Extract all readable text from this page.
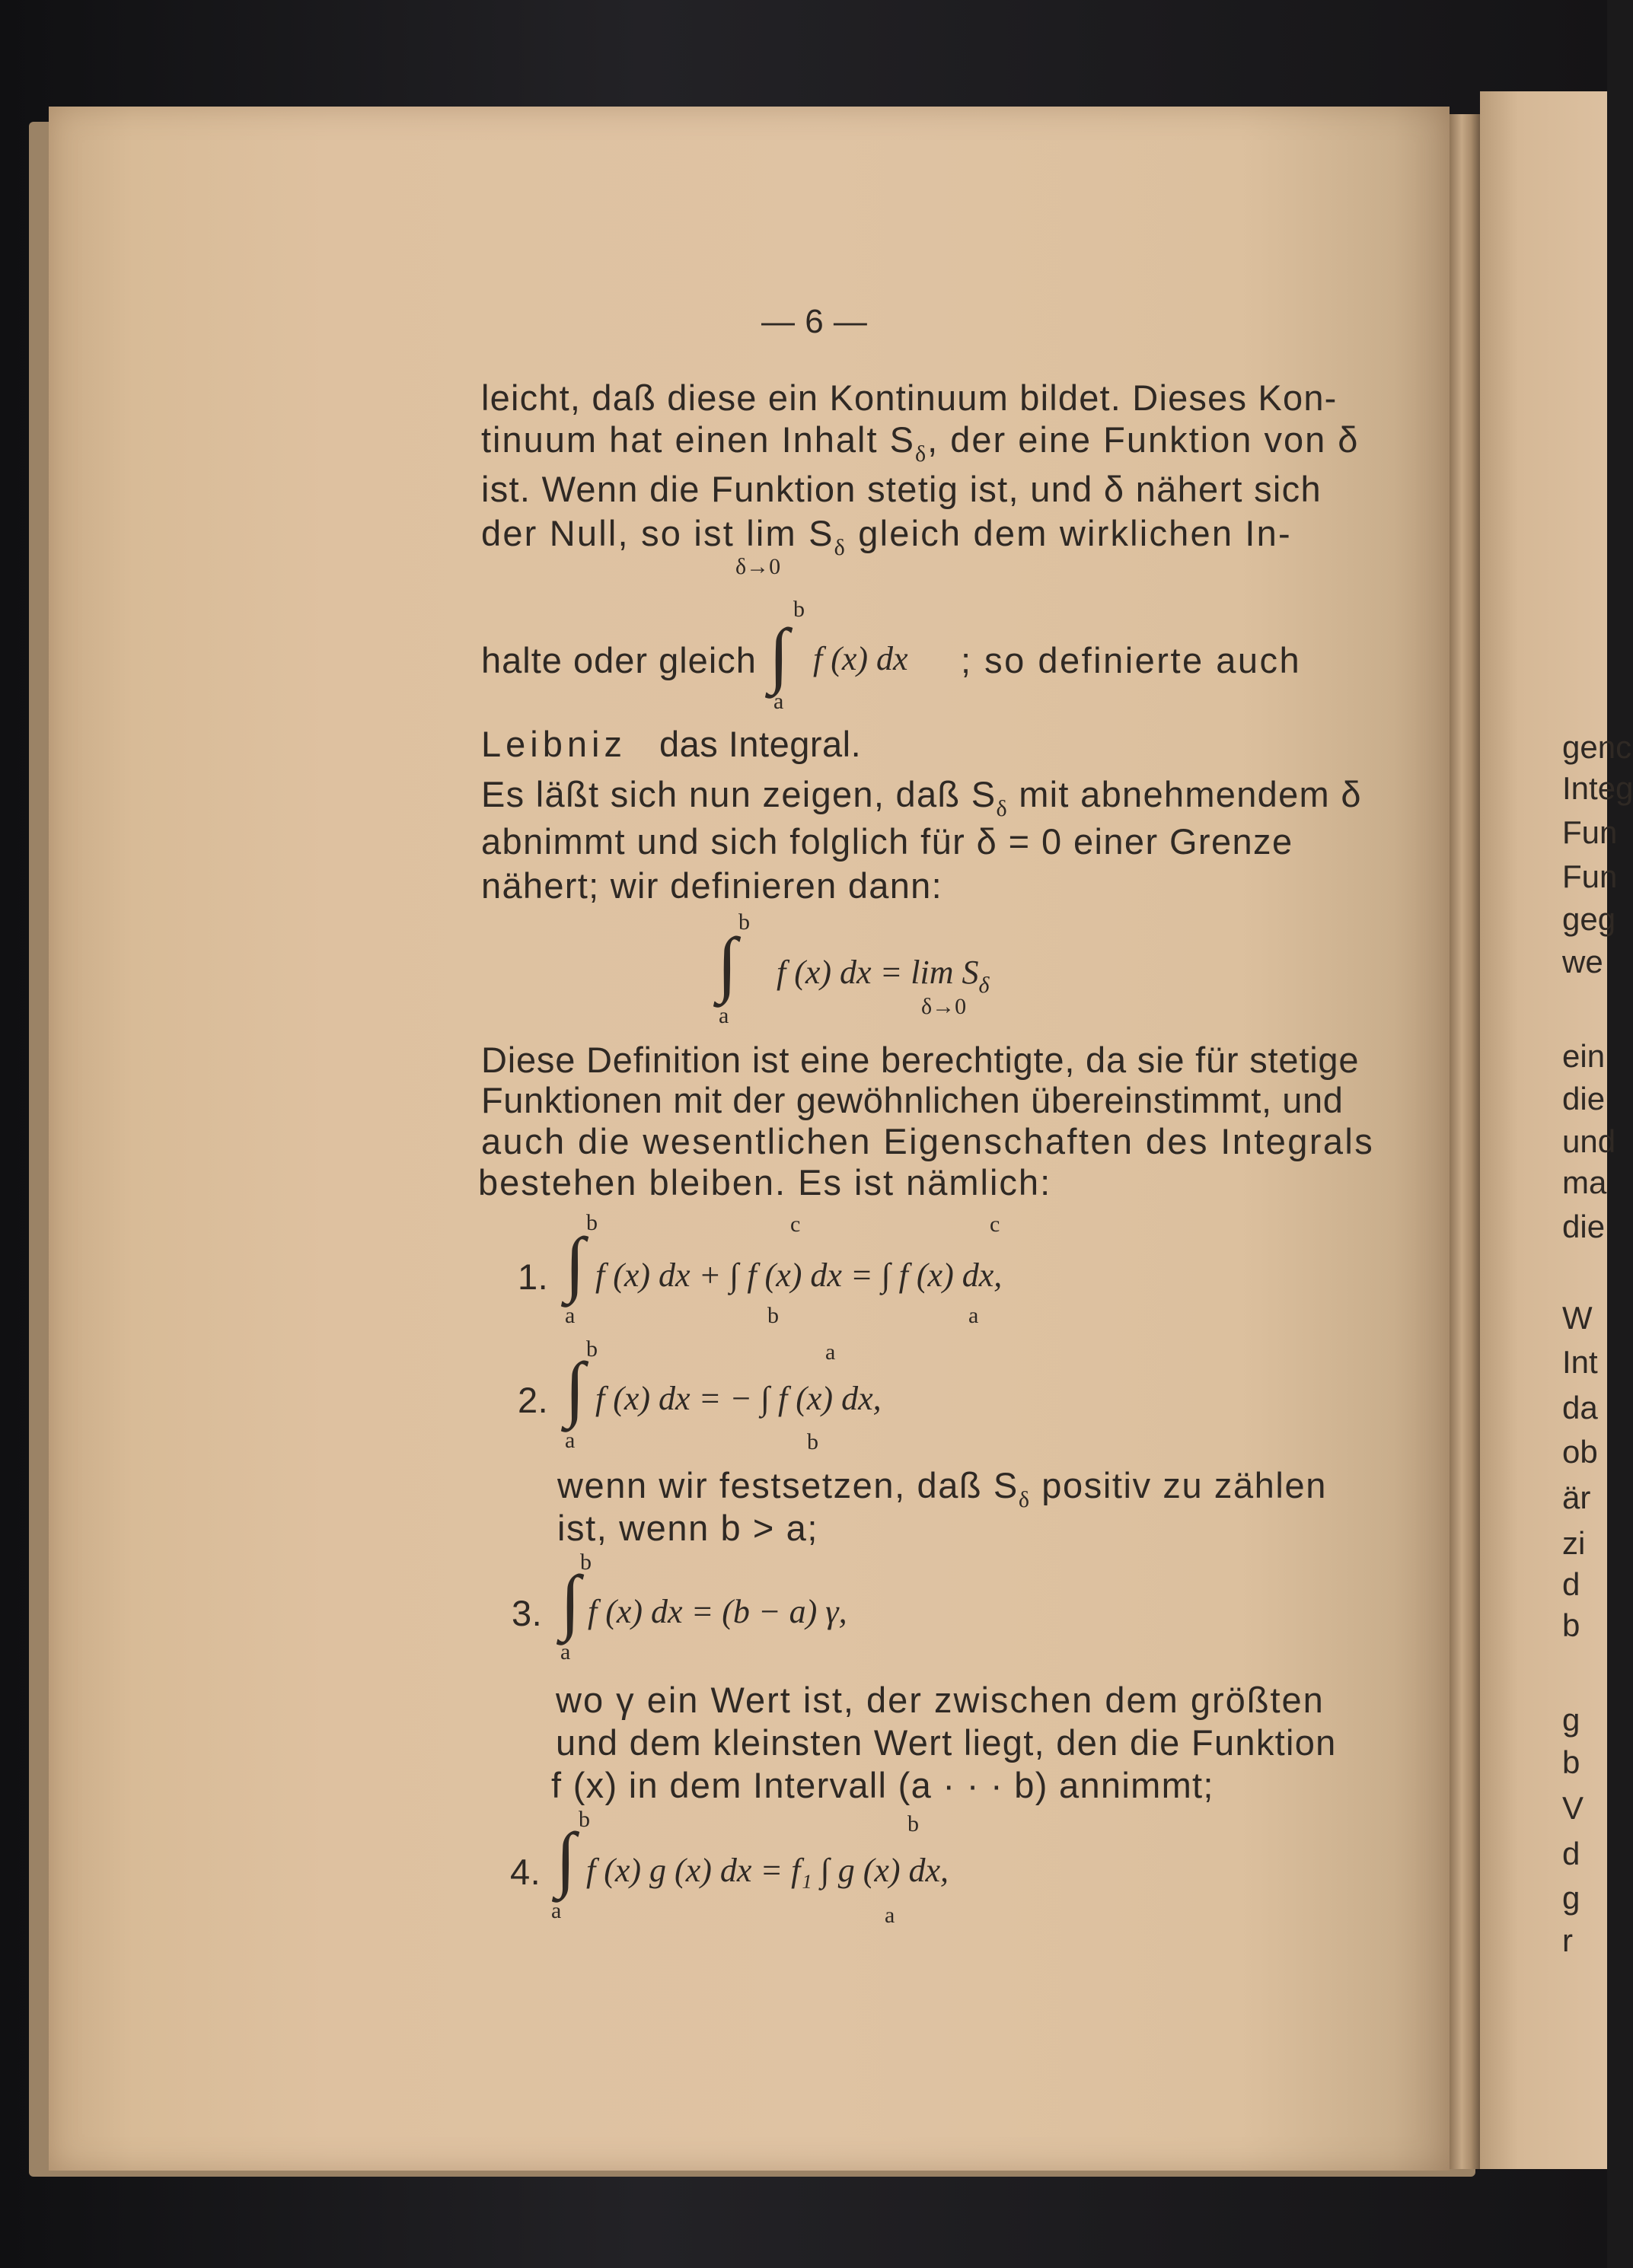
— 6 —
leicht, daß diese ein Kontinuum bildet. Dieses Kon-
tinuum hat einen Inhalt $S_\delta$, der eine Funktion von δ
ist. Wenn die Funktion stetig ist, und δ nähert sich
der Null, so ist $\lim S_\delta$ gleich dem wirklichen In-
δ→0
b
∫
a
halte oder gleich f (x) dx ; so definierte auch
Leibniz das Integral.
Es läßt sich nun zeigen, daß $S_\delta$ mit abnehmendem δ
abnimmt und sich folglich für δ = 0 einer Grenze
nähert; wir definieren dann:
b
∫
a
f (x) dx = $\lim S_\delta$
δ→0
Diese Definition ist eine berechtigte, da sie für stetige
Funktionen mit der gewöhnlichen übereinstimmt, und
auch die wesentlichen Eigenschaften des Integrals
bestehen bleiben. Es ist nämlich:
1.
b	c	c
∫ f (x) dx + ∫ f (x) dx = ∫ f (x) dx,
a	b	a
2.
b	a
∫ f (x) dx = − ∫ f (x) dx,
a	b
wenn wir festsetzen, daß $S_\delta$ positiv zu zählen
ist, wenn b > a;
3.
b
∫ f (x) dx = (b − a) γ,
a
wo γ ein Wert ist, der zwischen dem größten
und dem kleinsten Wert liegt, den die Funktion
f (x) in dem Intervall (a · · · b) annimmt;
4.
b	b
∫ f (x) g (x) dx = f₁ ∫ g (x) dx,
a	a
genc
Integ
Fun
Fun
geg
we
ein
die
und
ma
die
W
Int
da
ob
är
zi
d
b
g
b
V
d
g
r
